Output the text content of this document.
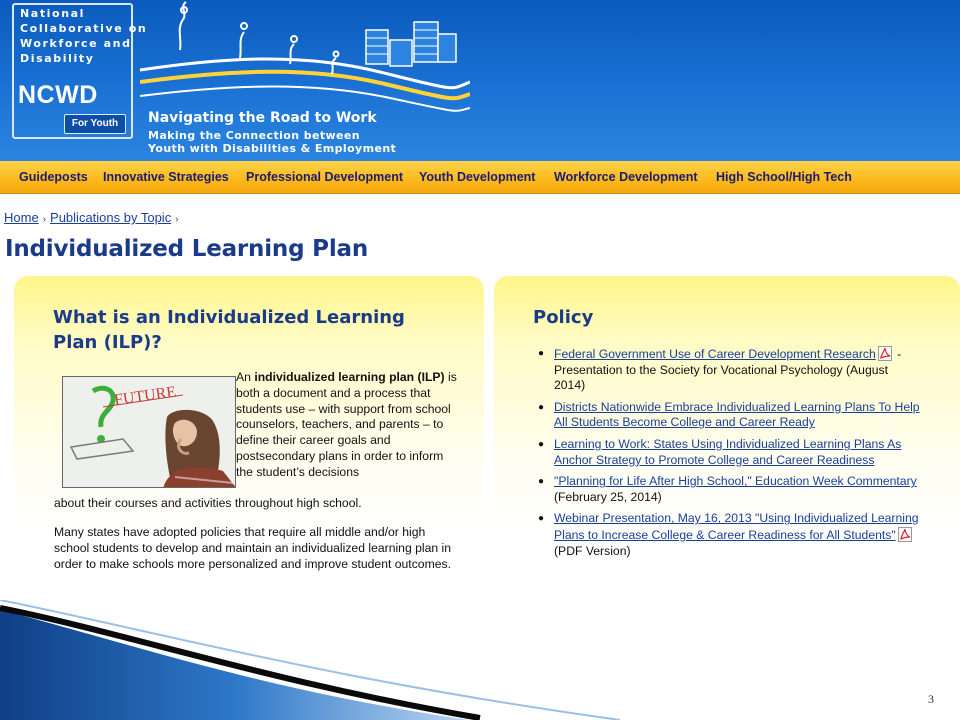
National
Collaborative on
Workforce and
Disability
NCWD
For Youth	Navigating the Road to Work
Making the Connection between
Youth with Disabilities & Employment
Guideposts Innovative Strategies Professional Development Youth Development Workforce Development High School/High Tech
Home › Publications by Topic ›
Individualized Learning Plan
What is an Individualized Learning Plan (ILP)?
FUTURE
An individualized learning plan (ILP) is both a document and a process that students use – with support from school counselors, teachers, and parents – to define their career goals and postsecondary plans in order to inform the student’s decisions
about their courses and activities throughout high school.
Many states have adopted policies that require all middle and/or high school students to develop and maintain an individualized learning plan in order to make schools more personalized and improve student outcomes.
Policy
● Federal Government Use of Career Development Research - Presentation to the Society for Vocational Psychology (August 2014)
● Districts Nationwide Embrace Individualized Learning Plans To Help All Students Become College and Career Ready
● Learning to Work: States Using Individualized Learning Plans As Anchor Strategy to Promote College and Career Readiness
● "Planning for Life After High School," Education Week Commentary (February 25, 2014)
● Webinar Presentation, May 16, 2013 "Using Individualized Learning Plans to Increase College & Career Readiness for All Students" (PDF Version)
3
